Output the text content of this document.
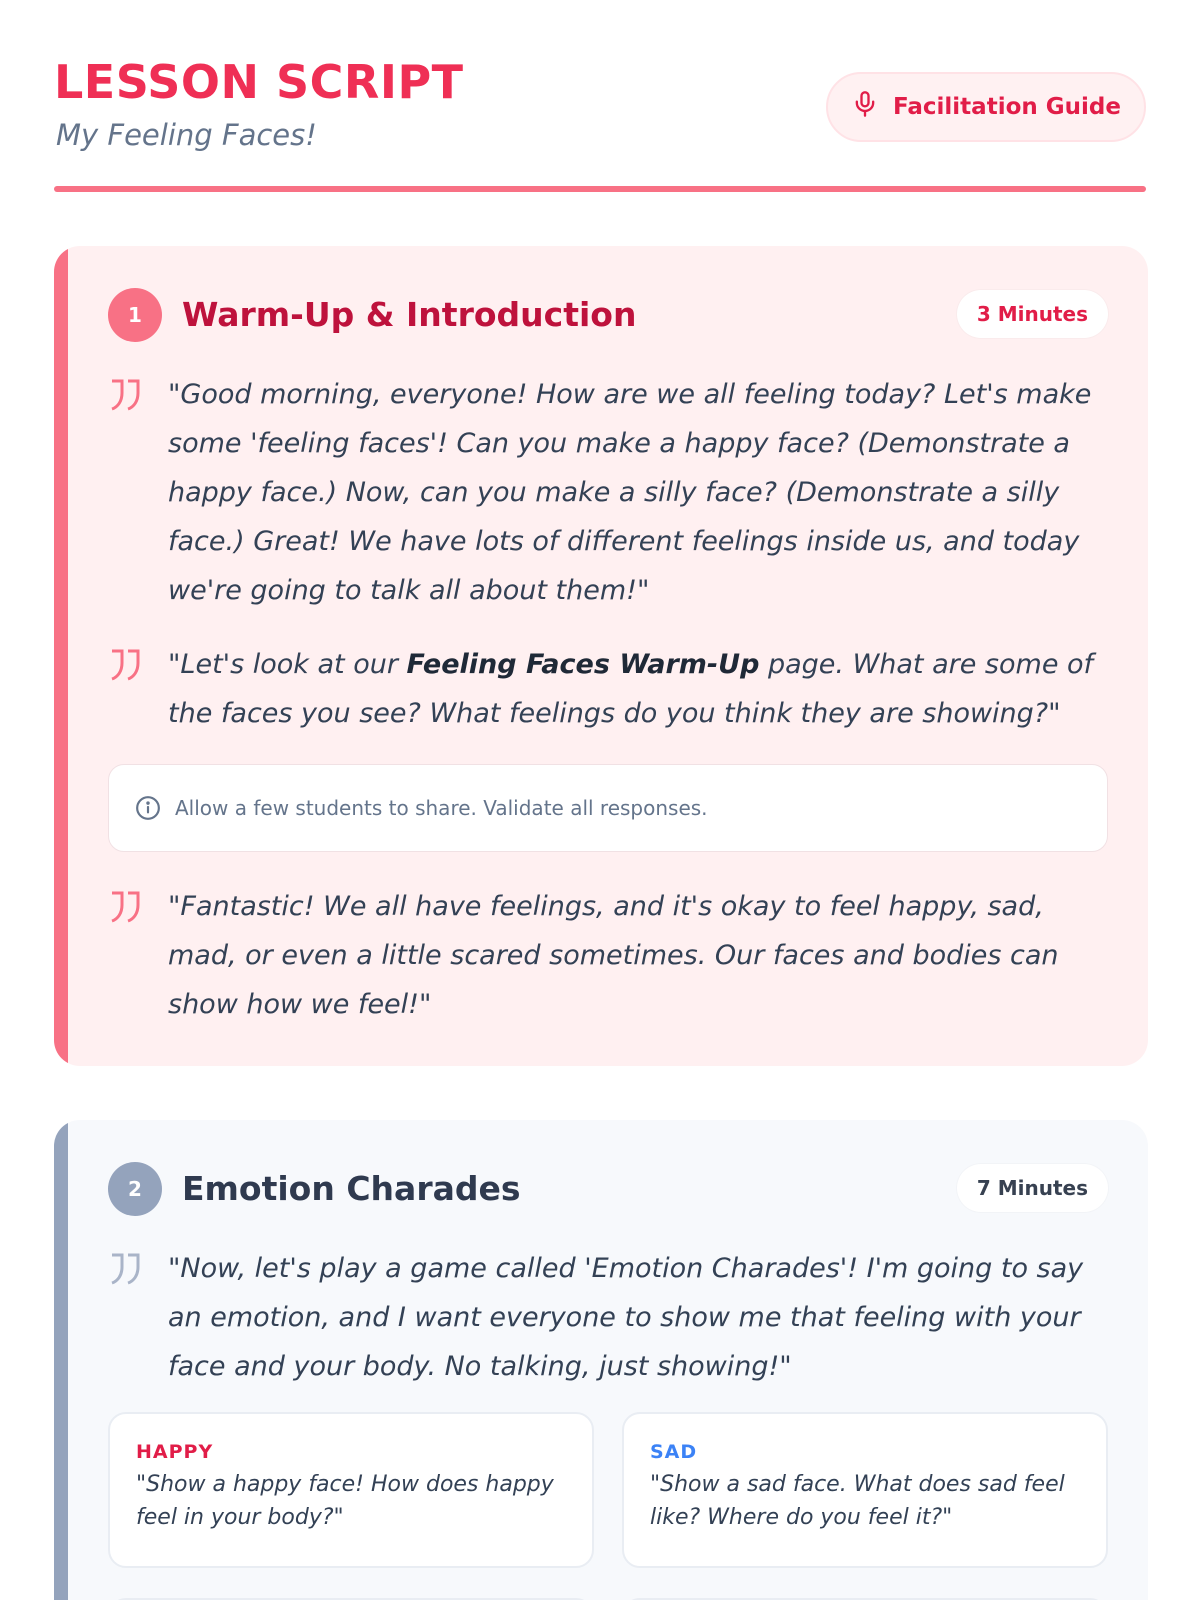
LESSON SCRIPT
My Feeling Faces!
Facilitation Guide
1	Warm-Up & Introduction	3 Minutes
"Good morning, everyone! How are we all feeling today? Let's make some 'feeling faces'! Can you make a happy face? (Demonstrate a happy face.) Now, can you make a silly face? (Demonstrate a silly face.) Great! We have lots of different feelings inside us, and today we're going to talk all about them!"
"Let's look at our Feeling Faces Warm-Up page. What are some of the faces you see? What feelings do you think they are showing?"
Allow a few students to share. Validate all responses.
"Fantastic! We all have feelings, and it's okay to feel happy, sad, mad, or even a little scared sometimes. Our faces and bodies can show how we feel!"
2	Emotion Charades	7 Minutes
"Now, let's play a game called 'Emotion Charades'! I'm going to say an emotion, and I want everyone to show me that feeling with your face and your body. No talking, just showing!"
HAPPY
"Show a happy face! How does happy feel in your body?"
SAD
"Show a sad face. What does sad feel like? Where do you feel it?"
